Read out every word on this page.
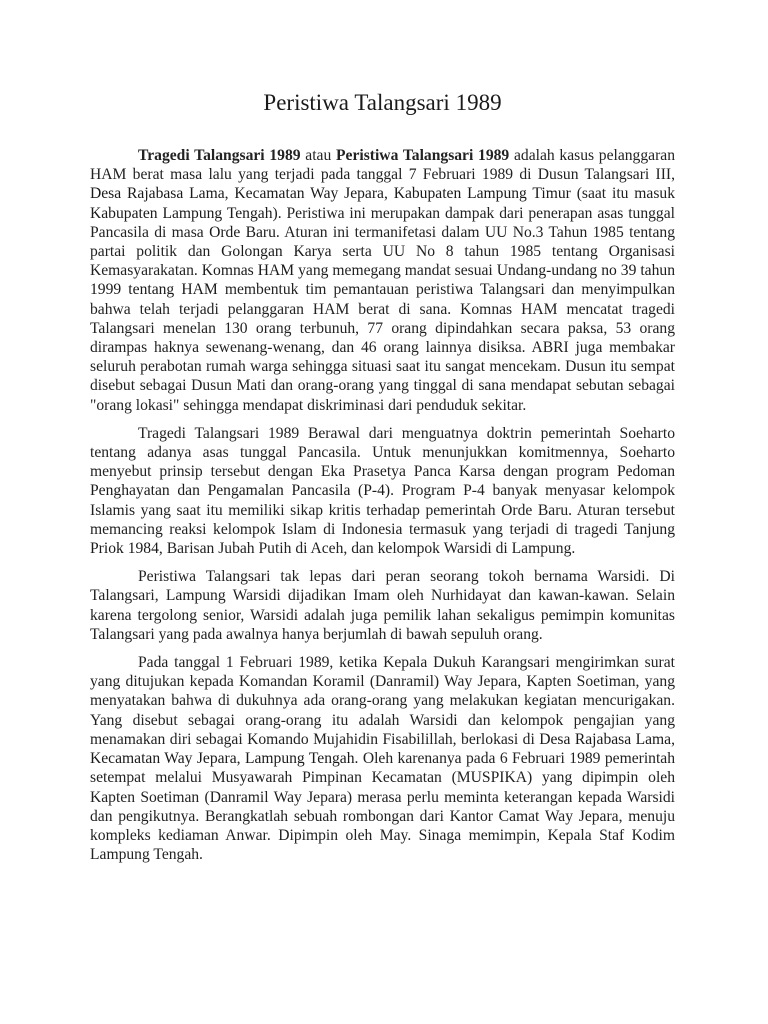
Peristiwa Talangsari 1989

Tragedi Talangsari 1989 atau Peristiwa Talangsari 1989 adalah kasus pelanggaran HAM berat masa lalu yang terjadi pada tanggal 7 Februari 1989 di Dusun Talangsari III, Desa Rajabasa Lama, Kecamatan Way Jepara, Kabupaten Lampung Timur (saat itu masuk Kabupaten Lampung Tengah). Peristiwa ini merupakan dampak dari penerapan asas tunggal Pancasila di masa Orde Baru. Aturan ini termanifetasi dalam UU No.3 Tahun 1985 tentang partai politik dan Golongan Karya serta UU No 8 tahun 1985 tentang Organisasi Kemasyarakatan. Komnas HAM yang memegang mandat sesuai Undang-undang no 39 tahun 1999 tentang HAM membentuk tim pemantauan peristiwa Talangsari dan menyimpulkan bahwa telah terjadi pelanggaran HAM berat di sana. Komnas HAM mencatat tragedi Talangsari menelan 130 orang terbunuh, 77 orang dipindahkan secara paksa, 53 orang dirampas haknya sewenang-wenang, dan 46 orang lainnya disiksa. ABRI juga membakar seluruh perabotan rumah warga sehingga situasi saat itu sangat mencekam. Dusun itu sempat disebut sebagai Dusun Mati dan orang-orang yang tinggal di sana mendapat sebutan sebagai "orang lokasi" sehingga mendapat diskriminasi dari penduduk sekitar.

Tragedi Talangsari 1989 Berawal dari menguatnya doktrin pemerintah Soeharto tentang adanya asas tunggal Pancasila. Untuk menunjukkan komitmennya, Soeharto menyebut prinsip tersebut dengan Eka Prasetya Panca Karsa dengan program Pedoman Penghayatan dan Pengamalan Pancasila (P-4). Program P-4 banyak menyasar kelompok Islamis yang saat itu memiliki sikap kritis terhadap pemerintah Orde Baru. Aturan tersebut memancing reaksi kelompok Islam di Indonesia termasuk yang terjadi di tragedi Tanjung Priok 1984, Barisan Jubah Putih di Aceh, dan kelompok Warsidi di Lampung.

Peristiwa Talangsari tak lepas dari peran seorang tokoh bernama Warsidi. Di Talangsari, Lampung Warsidi dijadikan Imam oleh Nurhidayat dan kawan-kawan. Selain karena tergolong senior, Warsidi adalah juga pemilik lahan sekaligus pemimpin komunitas Talangsari yang pada awalnya hanya berjumlah di bawah sepuluh orang.

Pada tanggal 1 Februari 1989, ketika Kepala Dukuh Karangsari mengirimkan surat yang ditujukan kepada Komandan Koramil (Danramil) Way Jepara, Kapten Soetiman, yang menyatakan bahwa di dukuhnya ada orang-orang yang melakukan kegiatan mencurigakan. Yang disebut sebagai orang-orang itu adalah Warsidi dan kelompok pengajian yang menamakan diri sebagai Komando Mujahidin Fisabilillah, berlokasi di Desa Rajabasa Lama, Kecamatan Way Jepara, Lampung Tengah. Oleh karenanya pada 6 Februari 1989 pemerintah setempat melalui Musyawarah Pimpinan Kecamatan (MUSPIKA) yang dipimpin oleh Kapten Soetiman (Danramil Way Jepara) merasa perlu meminta keterangan kepada Warsidi dan pengikutnya. Berangkatlah sebuah rombongan dari Kantor Camat Way Jepara, menuju kompleks kediaman Anwar. Dipimpin oleh May. Sinaga memimpin, Kepala Staf Kodim Lampung Tengah.
